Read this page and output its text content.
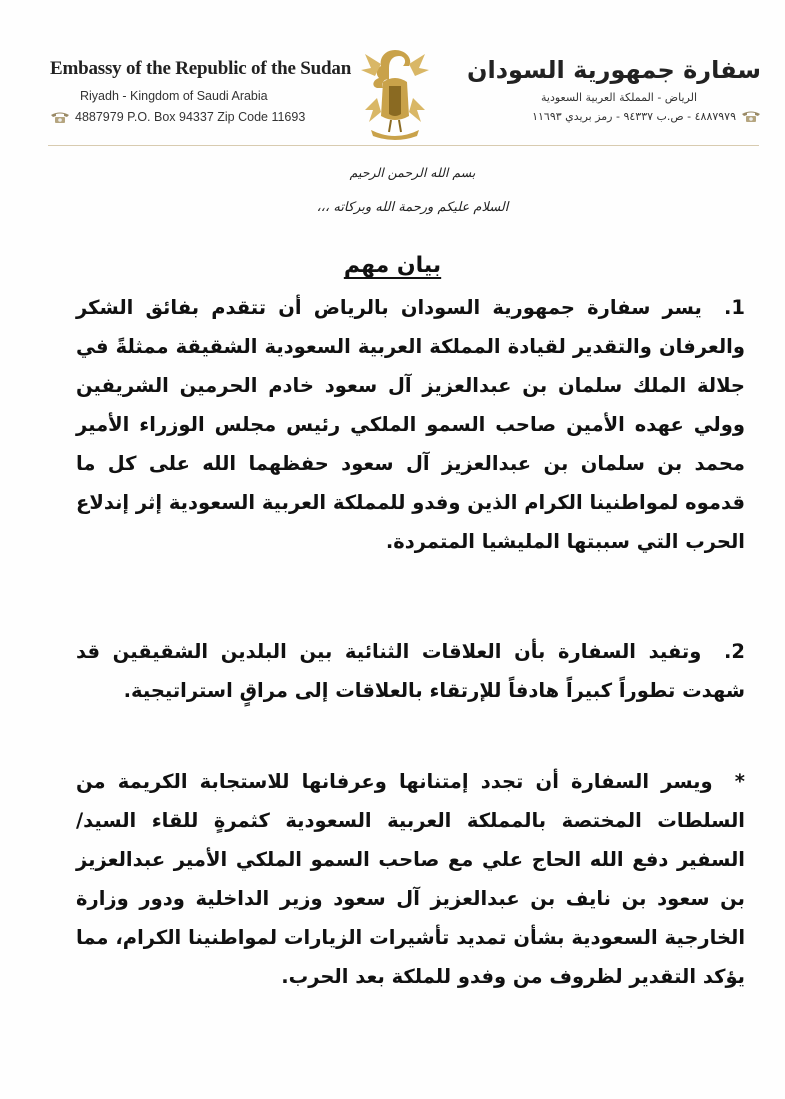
Embassy of the Republic of the Sudan
Riyadh - Kingdom of Saudi Arabia
4887979 P.O. Box 94337 Zip Code 11693
سفارة جمهورية السودان
الرياض - المملكة العربية السعودية
٤٨٨٧٩٧٩ - ص.ب ٩٤٣٣٧ - رمز بريدي ١١٦٩٣
بسم الله الرحمن الرحيم
السلام عليكم ورحمة الله وبركاته ،،،
بيان مهم
1. يسر سفارة جمهورية السودان بالرياض أن تتقدم بفائق الشكر والعرفان والتقدير لقيادة المملكة العربية السعودية الشقيقة ممثلةً في جلالة الملك سلمان بن عبدالعزيز آل سعود خادم الحرمين الشريفين وولي عهده الأمين صاحب السمو الملكي رئيس مجلس الوزراء الأمير محمد بن سلمان بن عبدالعزيز آل سعود حفظهما الله على كل ما قدموه لمواطنينا الكرام الذين وفدو للمملكة العربية السعودية إثر إندلاع الحرب التي سببتها المليشيا المتمردة.
2. وتفيد السفارة بأن العلاقات الثنائية بين البلدين الشقيقين قد شهدت تطوراً كبيراً هادفاً للإرتقاء بالعلاقات إلى مراقٍ استراتيجية.
* ويسر السفارة أن تجدد إمتنانها وعرفانها للاستجابة الكريمة من السلطات المختصة بالمملكة العربية السعودية كثمرةٍ للقاء السيد/ السفير دفع الله الحاج علي مع صاحب السمو الملكي الأمير عبدالعزيز بن سعود بن نايف بن عبدالعزيز آل سعود وزير الداخلية ودور وزارة الخارجية السعودية بشأن تمديد تأشيرات الزيارات لمواطنينا الكرام، مما يؤكد التقدير لظروف من وفدو للملكة بعد الحرب.
